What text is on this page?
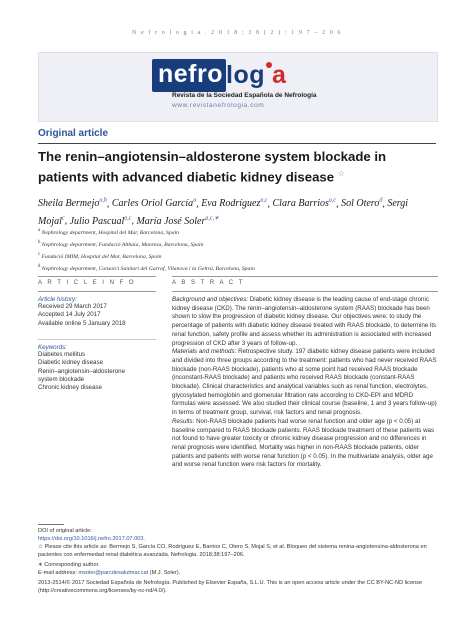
N e f r o l o g i a . 2 0 1 8 ; 3 8 ( 2 ) : 1 9 7 – 2 0 6
nefro log a
Revista de la Sociedad Española de Nefrología
www.revistanefrologia.com
Original article
The renin–angiotensin–aldosterone system blockade in patients with advanced diabetic kidney disease ☆
Sheila Bermejo$^{a,b}$, Carles Oriol García$^a$, Eva Rodríguez$^{a,c}$, Clara Barrios$^{a,c}$, Sol Otero$^d$, Sergi Mojal$^c$, Julio Pascual$^{a,c}$, María José Soler$^{a,c,∗}$
$^a$ Nephrology department, Hospital del Mar, Barcelona, Spain
$^b$ Nephrology department, Fundació Althaia, Manresa, Barcelona, Spain
$^c$ Fundació IMIM, Hospital del Mar, Barcelona, Spain
$^d$ Nephrology department, Consorci Sanitari del Garraf, Vilanova i la Geltrú, Barcelona, Spain
A R T I C L E I N F O
Article history:
Received 29 March 2017
Accepted 14 July 2017
Available online 5 January 2018
Keywords:
Diabetes mellitus
Diabetic kidney disease
Renin–angiotensin–aldosterone
system blockade
Chronic kidney disease
A B S T R A C T
Background and objectives: Diabetic kidney disease is the leading cause of end-stage chronic kidney disease (CKD). The renin–angiotensin–aldosterone system (RAAS) blockade has been shown to slow the progression of diabetic kidney disease. Our objectives were: to study the percentage of patients with diabetic kidney disease treated with RAAS blockade, to determine its renal function, safety profile and assess whether its administration is associated with increased progression of CKD after 3 years of follow-up.
Materials and methods: Retrospective study. 197 diabetic kidney disease patients were included and divided into three groups according to the treatment: patients who had never received RAAS blockade (non-RAAS blockade), patients who at some point had received RAAS blockade (inconstant-RAAS blockade) and patients who received RAAS blockade (constant-RAAS blockade). Clinical characteristics and analytical variables such as renal function, electrolytes, glycosylated hemoglobin and glomerular filtration rate according to CKD-EPI and MDRD formulas were assessed. We also studied their clinical course (baseline, 1 and 3 years follow-up) in terms of treatment group, survival, risk factors and renal prognosis.
Results: Non-RAAS blockade patients had worse renal function and older age (p < 0.05) at baseline compared to RAAS blockade patients. RAAS blockade treatment of these patients was not found to have greater toxicity or chronic kidney disease progression and no differences in renal prognosis were identified. Mortality was higher in non-RAAS blockade patients, older patients and patients with worse renal function (p < 0.05). In the multivariate analysis, older age and worse renal function were risk factors for mortality.
DOI of original article:
https://doi.org/10.1016/j.nefro.2017.07.003.
☆ Please cite this article as: Bermejo S, García CO, Rodríguez E, Barrios C, Otero S, Mojal S, et al. Bloqueo del sistema renina-angiotensina-aldosterona en pacientes con enfermedad renal diabética avanzada. Nefrologia. 2018;38:197–206.
∗ Corresponding author.
E-mail address: msoler@parcdesalutmar.cat (M.J. Soler).
2013-2514/© 2017 Sociedad Española de Nefrología. Published by Elsevier España, S.L.U. This is an open access article under the CC BY-NC-ND license (http://creativecommons.org/licenses/by-nc-nd/4.0/).
